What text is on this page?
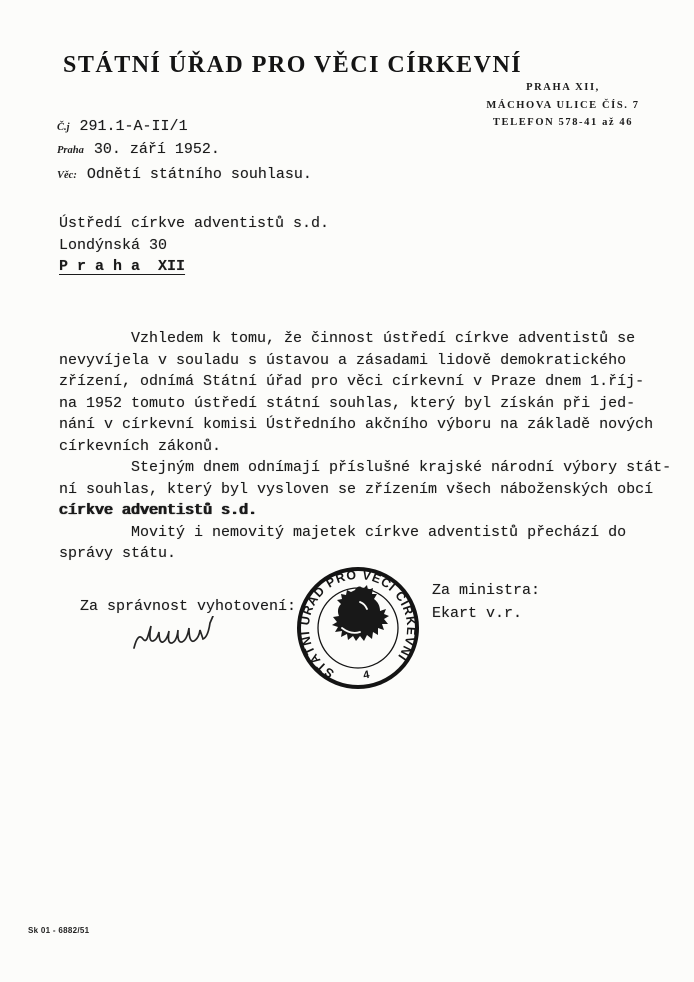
STÁTNÍ ÚŘAD PRO VĚCI CÍRKEVNÍ
PRAHA XII,
MÁCHOVA ULICE ČÍS. 7
TELEFON 578-41 až 46
Č.j 291.1-A-II/1
Praha 30. září 1952.
Věc: Odnětí státního souhlasu.
Ústředí církve adventistů s.d.
Londýnská 30
P r a h a  XII
Vzhledem k tomu, že činnost ústředí církve adventistů se
nevyvíjela v souladu s ústavou a zásadami lidově demokratického
zřízení, odnímá Státní úřad pro věci církevní v Praze dnem 1.říj-
na 1952 tomuto ústředí státní souhlas, který byl získán při jed-
nání v církevní komisi Ústředního akčního výboru na základě nových
církevních zákonů.
Stejným dnem odnímají příslušné krajské národní výbory stát-
ní souhlas, který byl vysloven se zřízením všech náboženských obcí
církve adventistů s.d.
Movitý i nemovitý majetek církve adventistů přechází do
správy státu.
Za správnost vyhotovení:
STÁTNÍ ÚŘAD PRO VĚCI CÍRKEVNÍ
4
Za ministra:
Ekart v.r.
Sk 01 - 6882/51
